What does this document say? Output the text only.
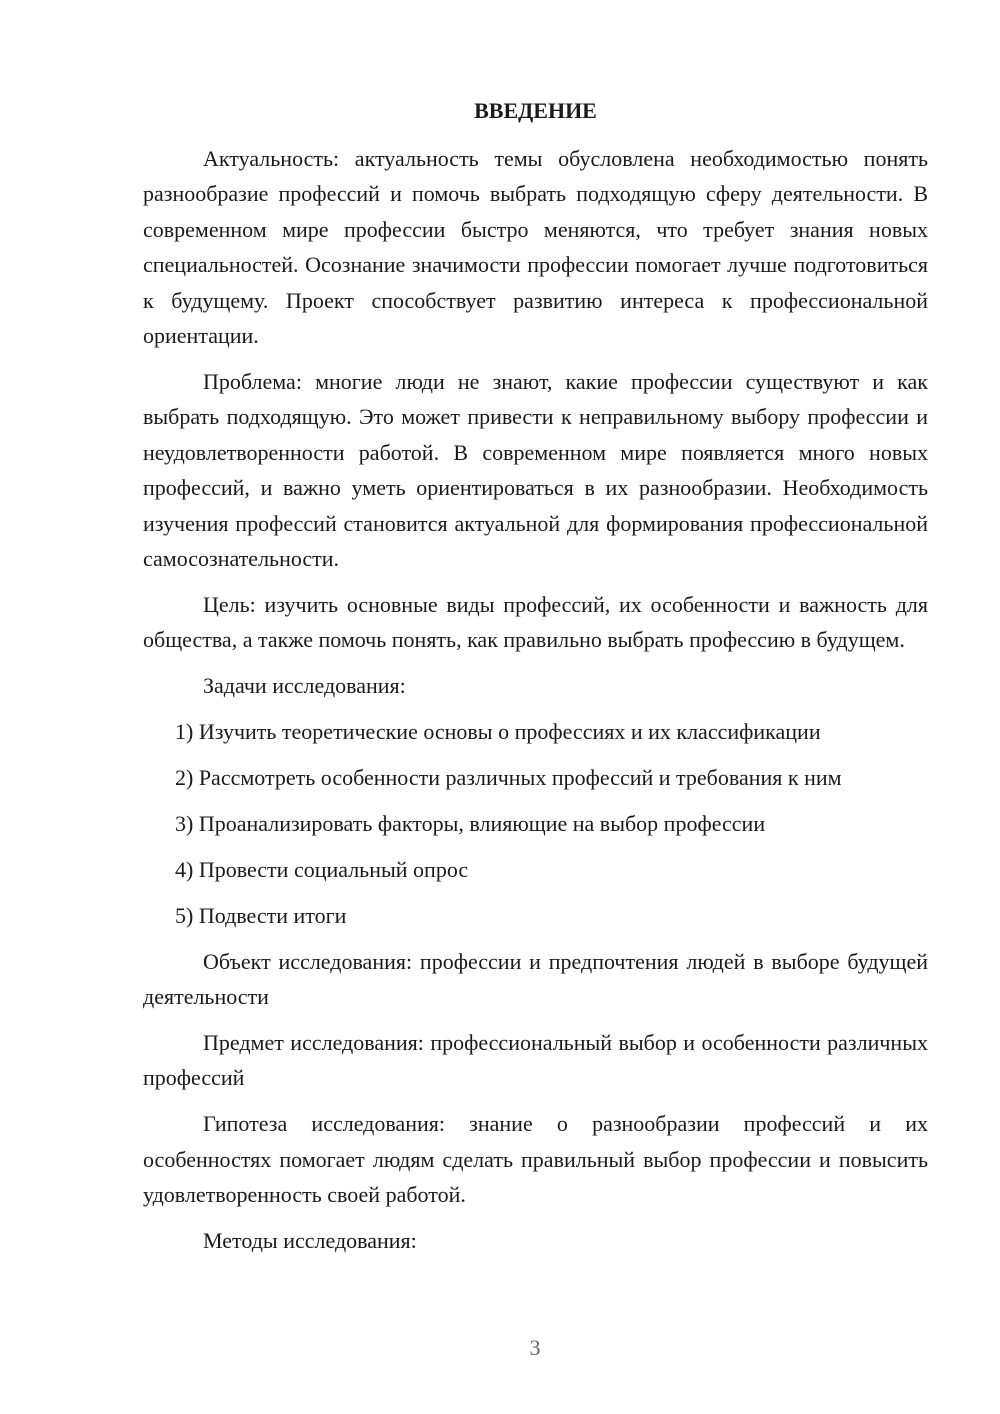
ВВЕДЕНИЕ

Актуальность: актуальность темы обусловлена необходимостью понять разнообразие профессий и помочь выбрать подходящую сферу деятельности. В современном мире профессии быстро меняются, что требует знания новых специальностей. Осознание значимости профессии помогает лучше подготовиться к будущему. Проект способствует развитию интереса к профессиональной ориентации.

Проблема: многие люди не знают, какие профессии существуют и как выбрать подходящую. Это может привести к неправильному выбору профессии и неудовлетворенности работой. В современном мире появляется много новых профессий, и важно уметь ориентироваться в их разнообразии. Необходимость изучения профессий становится актуальной для формирования профессиональной самосознательности.

Цель: изучить основные виды профессий, их особенности и важность для общества, а также помочь понять, как правильно выбрать профессию в будущем.

Задачи исследования:

1) Изучить теоретические основы о профессиях и их классификации
2) Рассмотреть особенности различных профессий и требования к ним
3) Проанализировать факторы, влияющие на выбор профессии
4) Провести социальный опрос
5) Подвести итоги

Объект исследования: профессии и предпочтения людей в выборе будущей деятельности

Предмет исследования: профессиональный выбор и особенности различных профессий

Гипотеза исследования: знание о разнообразии профессий и их особенностях помогает людям сделать правильный выбор профессии и повысить удовлетворенность своей работой.

Методы исследования:

3
